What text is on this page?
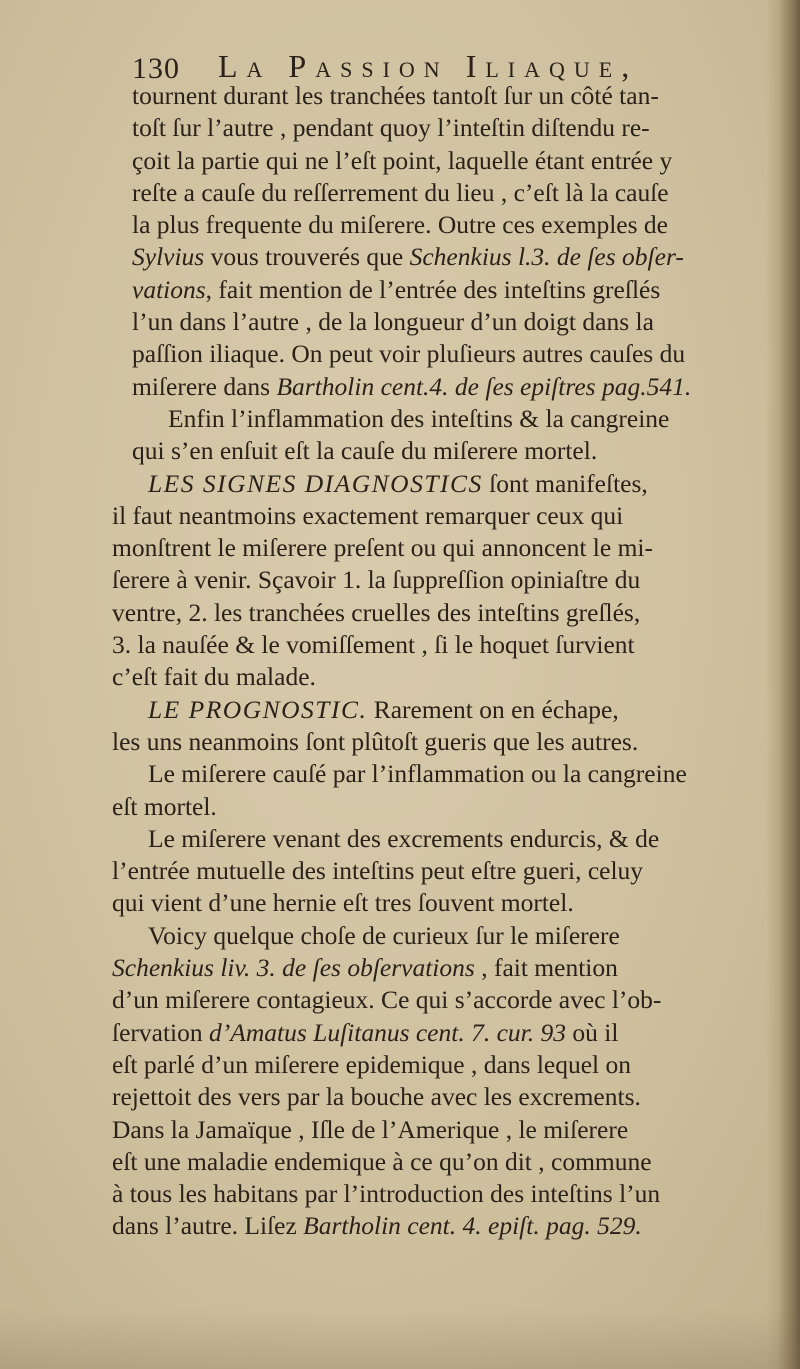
130 La Passion Iliaque,
tournent durant les tranchées tantoſt ſur un côté tan-
toſt ſur l’autre , pendant quoy l’inteſtin diſtendu re-
çoit la partie qui ne l’eſt point, laquelle étant entrée y
reſte a cauſe du reſſerrement du lieu , c’eſt là la cauſe
la plus frequente du miſerere. Outre ces exemples de
Sylvius vous trouverés que Schenkius l.3. de ſes obſer-
vations, fait mention de l’entrée des inteſtins greſlés
l’un dans l’autre , de la longueur d’un doigt dans la
paſſion iliaque. On peut voir pluſieurs autres cauſes du
miſerere dans Bartholin cent.4. de ſes epiſtres pag.541.
Enfin l’inflammation des inteſtins & la cangreine
qui s’en enſuit eſt la cauſe du miſerere mortel.
LES SIGNES DIAGNOSTICS ſont manifeſtes,
il faut neantmoins exactement remarquer ceux qui
monſtrent le miſerere preſent ou qui annoncent le mi-
ſerere à venir. Sçavoir 1. la ſuppreſſion opiniaſtre du
ventre, 2. les tranchées cruelles des inteſtins greſlés,
3. la nauſée & le vomiſſement , ſi le hoquet ſurvient
c’eſt fait du malade.
LE PROGNOSTIC. Rarement on en échape,
les uns neanmoins ſont plûtoſt gueris que les autres.
Le miſerere cauſé par l’inflammation ou la cangreine
eſt mortel.
Le miſerere venant des excrements endurcis, & de
l’entrée mutuelle des inteſtins peut eſtre gueri, celuy
qui vient d’une hernie eſt tres ſouvent mortel.
Voicy quelque choſe de curieux ſur le miſerere
Schenkius liv. 3. de ſes obſervations , fait mention
d’un miſerere contagieux. Ce qui s’accorde avec l’ob-
ſervation d’Amatus Luſitanus cent. 7. cur. 93 où il
eſt parlé d’un miſerere epidemique , dans lequel on
rejettoit des vers par la bouche avec les excrements.
Dans la Jamaïque , Iſle de l’Amerique , le miſerere
eſt une maladie endemique à ce qu’on dit , commune
à tous les habitans par l’introduction des inteſtins l’un
dans l’autre. Liſez Bartholin cent. 4. epiſt. pag. 529.
